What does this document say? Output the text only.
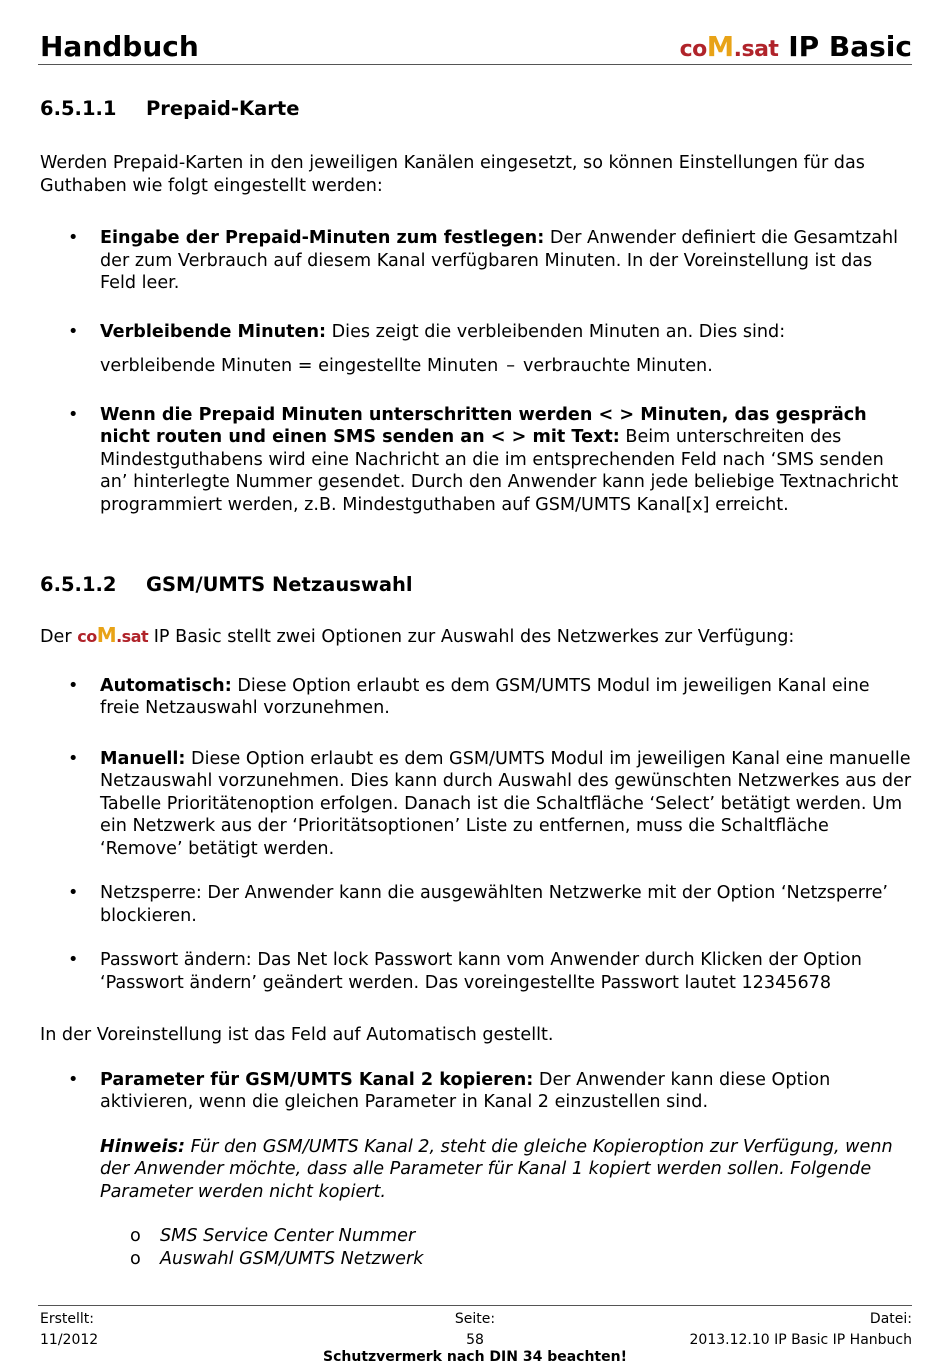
Handbuch	coM.sat IP Basic
6.5.1.1 Prepaid-Karte

Werden Prepaid-Karten in den jeweiligen Kanälen eingesetzt, so können Einstellungen für das Guthaben wie folgt eingestellt werden:

• Eingabe der Prepaid-Minuten zum festlegen: Der Anwender definiert die Gesamtzahl der zum Verbrauch auf diesem Kanal verfügbaren Minuten. In der Voreinstellung ist das Feld leer.
• Verbleibende Minuten: Dies zeigt die verbleibenden Minuten an. Dies sind:

verbleibende Minuten = eingestellte Minuten – verbrauchte Minuten.

• Wenn die Prepaid Minuten unterschritten werden < > Minuten, das gespräch nicht routen und einen SMS senden an < > mit Text: Beim unterschreiten des Mindestguthabens wird eine Nachricht an die im entsprechenden Feld nach ‘SMS senden an’ hinterlegte Nummer gesendet. Durch den Anwender kann jede beliebige Textnachricht programmiert werden, z.B. Mindestguthaben auf GSM/UMTS Kanal[x] erreicht.
6.5.1.2 GSM/UMTS Netzauswahl

Der coM.sat IP Basic stellt zwei Optionen zur Auswahl des Netzwerkes zur Verfügung:

• Automatisch: Diese Option erlaubt es dem GSM/UMTS Modul im jeweiligen Kanal eine freie Netzauswahl vorzunehmen.
• Manuell: Diese Option erlaubt es dem GSM/UMTS Modul im jeweiligen Kanal eine manuelle Netzauswahl vorzunehmen. Dies kann durch Auswahl des gewünschten Netzwerkes aus der Tabelle Prioritätenoption erfolgen. Danach ist die Schaltfläche ‘Select’ betätigt werden. Um ein Netzwerk aus der ‘Prioritätsoptionen’ Liste zu entfernen, muss die Schaltfläche ‘Remove’ betätigt werden.
• Netzsperre: Der Anwender kann die ausgewählten Netzwerke mit der Option ‘Netzsperre’ blockieren.
• Passwort ändern: Das Net lock Passwort kann vom Anwender durch Klicken der Option ‘Passwort ändern’ geändert werden. Das voreingestellte Passwort lautet 12345678

In der Voreinstellung ist das Feld auf Automatisch gestellt.

• Parameter für GSM/UMTS Kanal 2 kopieren: Der Anwender kann diese Option aktivieren, wenn die gleichen Parameter in Kanal 2 einzustellen sind.

Hinweis: Für den GSM/UMTS Kanal 2, steht die gleiche Kopieroption zur Verfügung, wenn der Anwender möchte, dass alle Parameter für Kanal 1 kopiert werden sollen. Folgende Parameter werden nicht kopiert.

o SMS Service Center Nummer
o Auswahl GSM/UMTS Netzwerk
Erstellt:
11/2012
Seite:
58
Datei:
2013.12.10 IP Basic IP Hanbuch
Schutzvermerk nach DIN 34 beachten!
